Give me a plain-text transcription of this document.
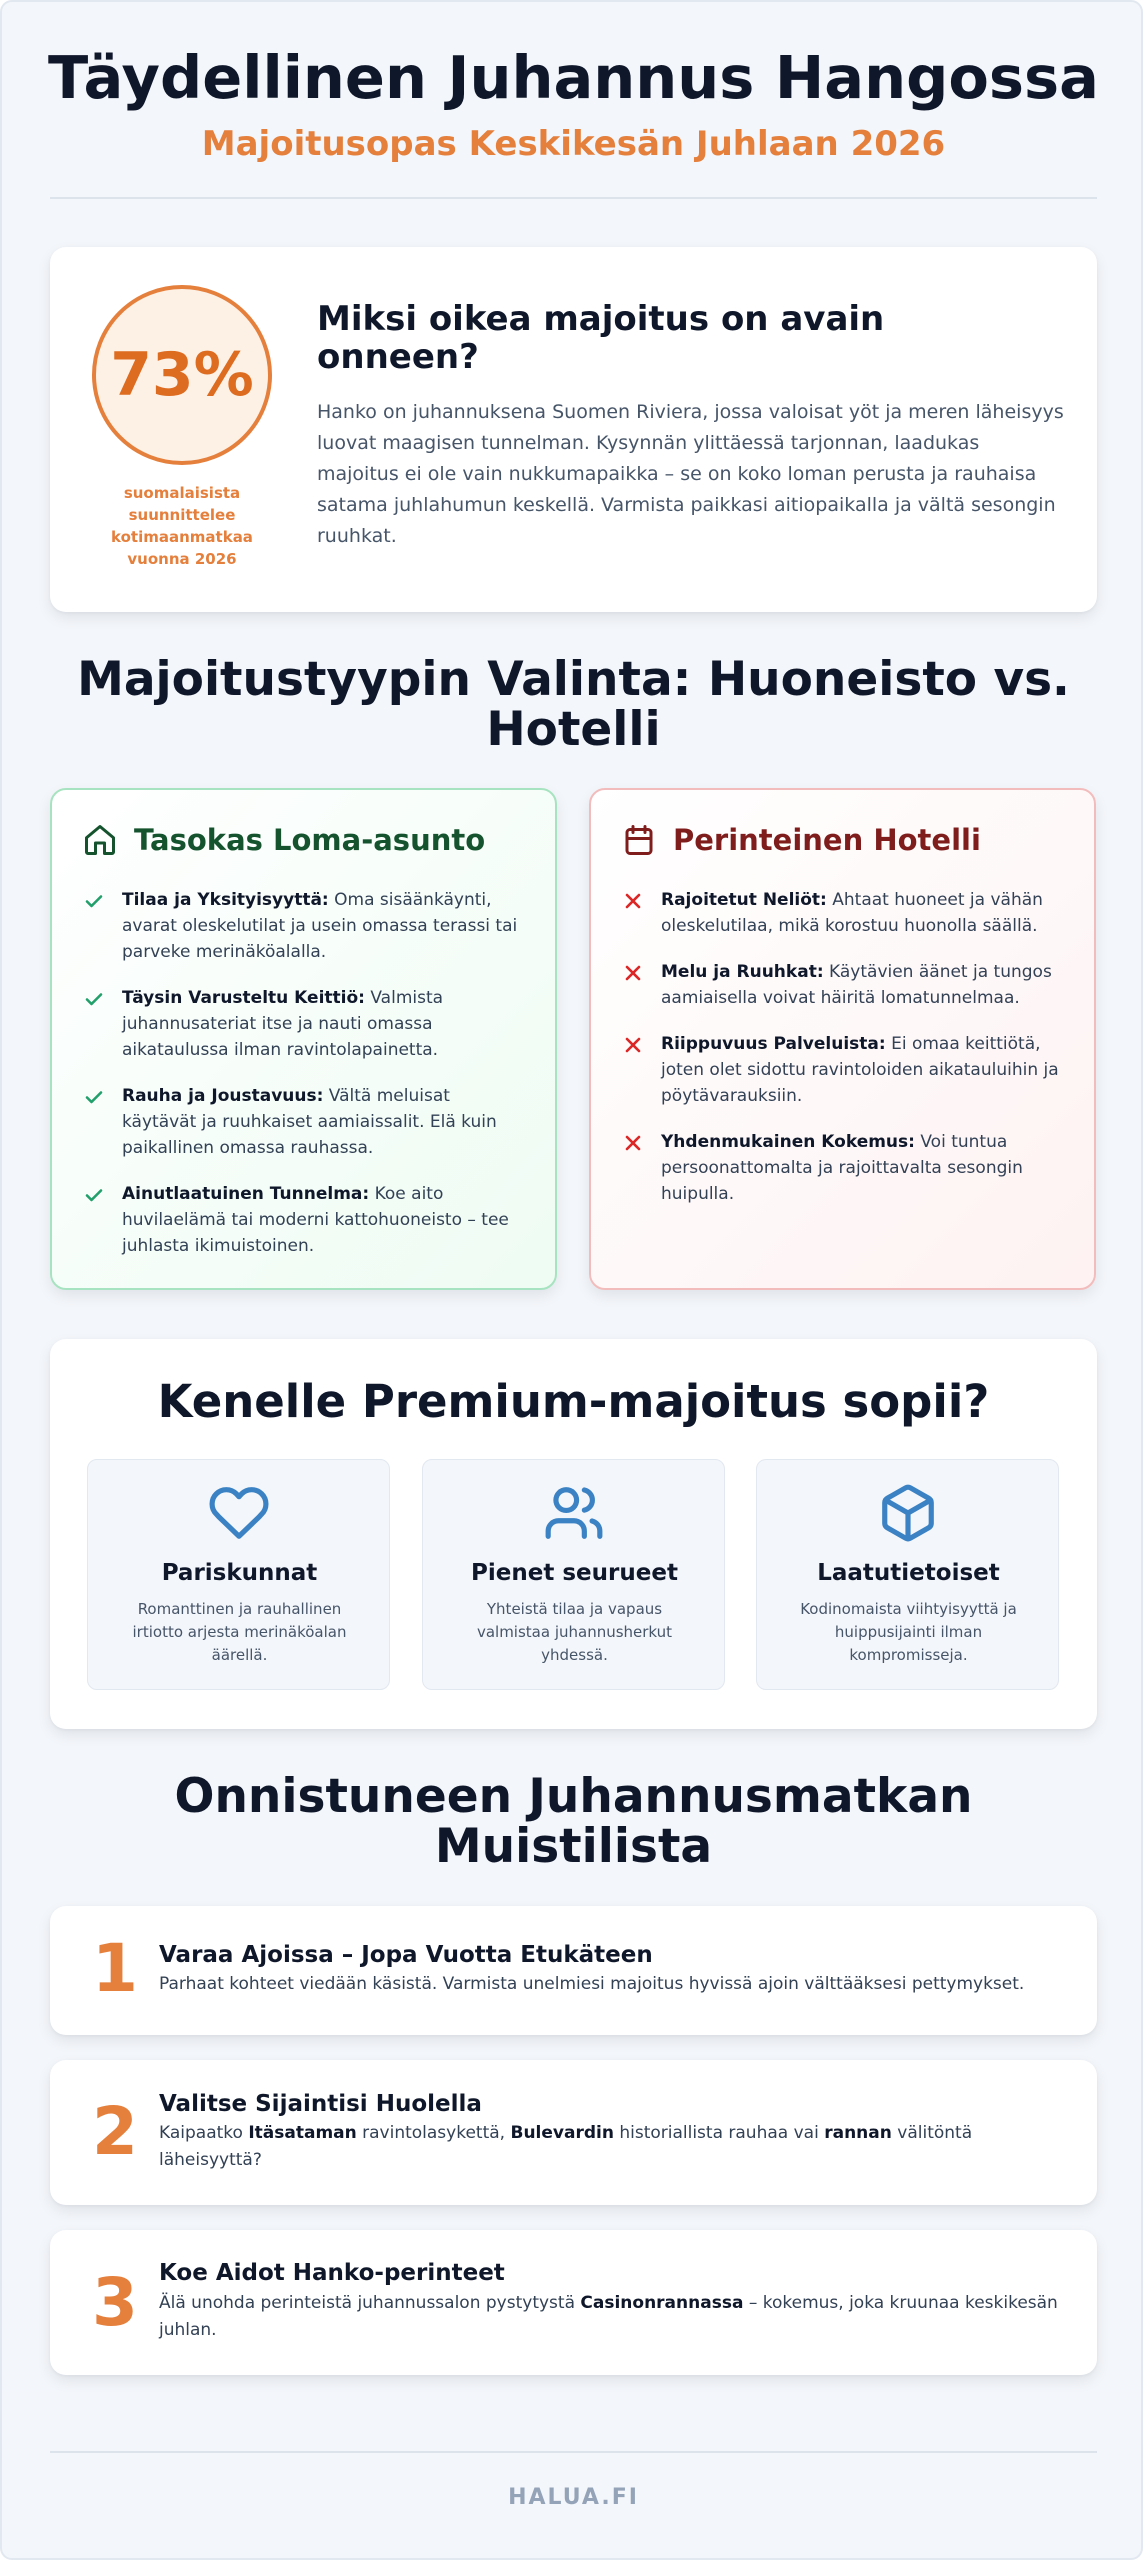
Täydellinen Juhannus Hangossa
Majoitusopas Keskikesän Juhlaan 2026
73%
suomalaisista suunnittelee kotimaanmatkaa vuonna 2026
Miksi oikea majoitus on avain onneen?
Hanko on juhannuksena Suomen Riviera, jossa valoisat yöt ja meren läheisyys luovat maagisen tunnelman. Kysynnän ylittäessä tarjonnan, laadukas majoitus ei ole vain nukkumapaikka – se on koko loman perusta ja rauhaisa satama juhlahumun keskellä. Varmista paikkasi aitiopaikalla ja vältä sesongin ruuhkat.
Majoitustyypin Valinta: Huoneisto vs. Hotelli
Tasokas Loma-asunto
Tilaa ja Yksityisyyttä: Oma sisäänkäynti, avarat oleskelutilat ja usein omassa terassi tai parveke merinäköalalla.
Täysin Varusteltu Keittiö: Valmista juhannusateriat itse ja nauti omassa aikataulussa ilman ravintolapainetta.
Rauha ja Joustavuus: Vältä meluisat käytävät ja ruuhkaiset aamiaissalit. Elä kuin paikallinen omassa rauhassa.
Ainutlaatuinen Tunnelma: Koe aito huvilaelämä tai moderni kattohuoneisto – tee juhlasta ikimuistoinen.
Perinteinen Hotelli
Rajoitetut Neliöt: Ahtaat huoneet ja vähän oleskelutilaa, mikä korostuu huonolla säällä.
Melu ja Ruuhkat: Käytävien äänet ja tungos aamiaisella voivat häiritä lomatunnelmaa.
Riippuvuus Palveluista: Ei omaa keittiötä, joten olet sidottu ravintoloiden aikatauluihin ja pöytävarauksiin.
Yhdenmukainen Kokemus: Voi tuntua persoonattomalta ja rajoittavalta sesongin huipulla.
Kenelle Premium-majoitus sopii?
Pariskunnat
Romanttinen ja rauhallinen irtiotto arjesta merinäköalan äärellä.
Pienet seurueet
Yhteistä tilaa ja vapaus valmistaa juhannusherkut yhdessä.
Laatutietoiset
Kodinomaista viihtyisyyttä ja huippusijainti ilman kompromisseja.
Onnistuneen Juhannusmatkan Muistilista
1 Varaa Ajoissa – Jopa Vuotta Etukäteen
Parhaat kohteet viedään käsistä. Varmista unelmiesi majoitus hyvissä ajoin välttääksesi pettymykset.
2 Valitse Sijaintisi Huolella
Kaipaatko Itäsataman ravintolasykettä, Bulevardin historiallista rauhaa vai rannan välitöntä läheisyyttä?
3 Koe Aidot Hanko-perinteet
Älä unohda perinteistä juhannussalon pystytystä Casinonrannassa – kokemus, joka kruunaa keskikesän juhlan.
HALUA.FI
